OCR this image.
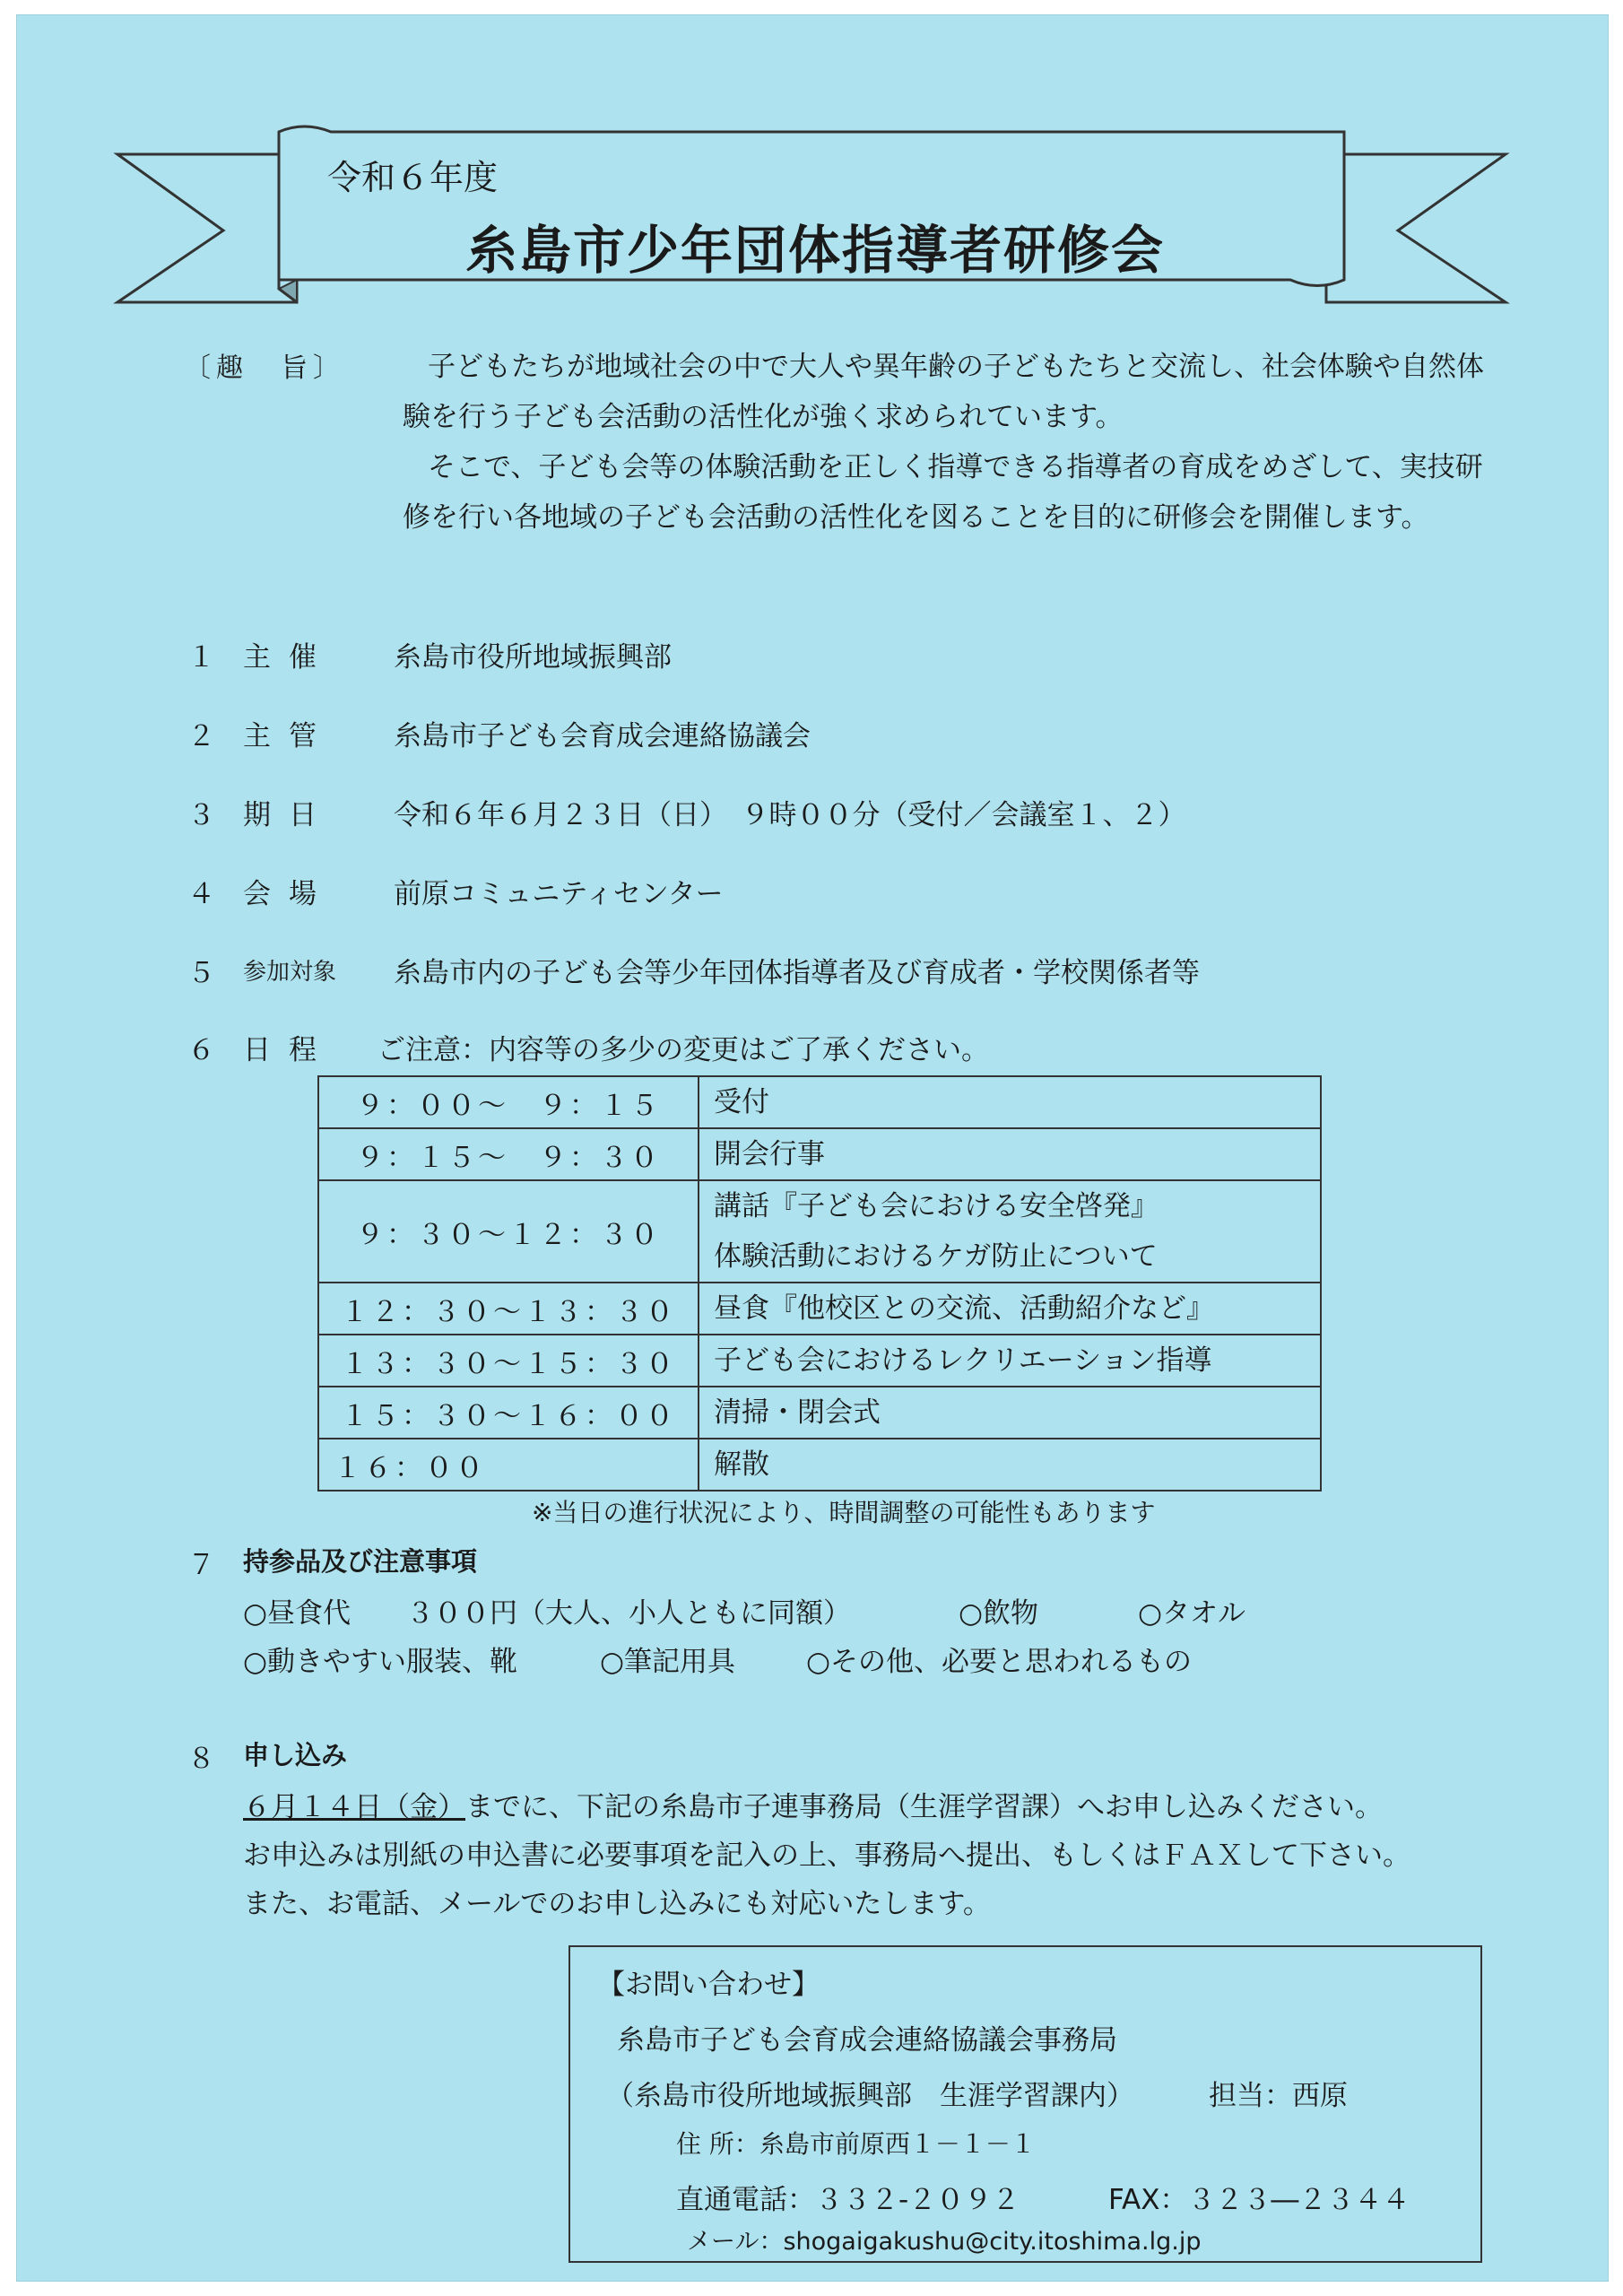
令和６年度
糸島市少年団体指導者研修会
〔趣　旨〕	子どもたちが地域社会の中で大人や異年齢の子どもたちと交流し、社会体験や自然体験を行う子ども会活動の活性化が強く求められています。

そこで、子ども会等の体験活動を正しく指導できる指導者の育成をめざして、実技研修を行い各地域の子ども会活動の活性化を図ることを目的に研修会を開催します。

１ 主催 糸島市役所地域振興部
２ 主管 糸島市子ども会育成会連絡協議会
３ 期日 令和６年６月２３日（日）　９時００分（受付／会議室１、２）
４ 会場 前原コミュニティセンター
５ 参加対象 糸島市内の子ども会等少年団体指導者及び育成者・学校関係者等
６ 日程 ご注意：内容等の多少の変更はご了承ください。
９：００～　９：１５	受付
９：１５～　９：３０	開会行事
９：３０～１２：３０	講話『子ども会における安全啓発』
体験活動におけるケガ防止について

１２：３０～１３：３０	昼食『他校区との交流、活動紹介など』
１３：３０～１５：３０	子ども会におけるレクリエーション指導
１５：３０～１６：００	清掃・閉会式
１６：００	解散
※当日の進行状況により、時間調整の可能性もあります
７ 持参品及び注意事項
○昼食代　　３００円（大人、小人ともに同額）	○飲物	○タオル
○動きやすい服装、靴	○筆記用具	○その他、必要と思われるもの
８ 申し込み
６月１４日（金）までに、下記の糸島市子連事務局（生涯学習課）へお申し込みください。
お申込みは別紙の申込書に必要事項を記入の上、事務局へ提出、もしくはＦＡＸして下さい。
また、お電話、メールでのお申し込みにも対応いたします。
【お問い合わせ】
糸島市子ども会育成会連絡協議会事務局
（糸島市役所地域振興部　生涯学習課内）	担当：西原
住 所：糸島市前原西１－１－１
直通電話：３３２-２０９２	FAX：３２３―２３４４
メール：shogaigakushu@city.itoshima.lg.jp
